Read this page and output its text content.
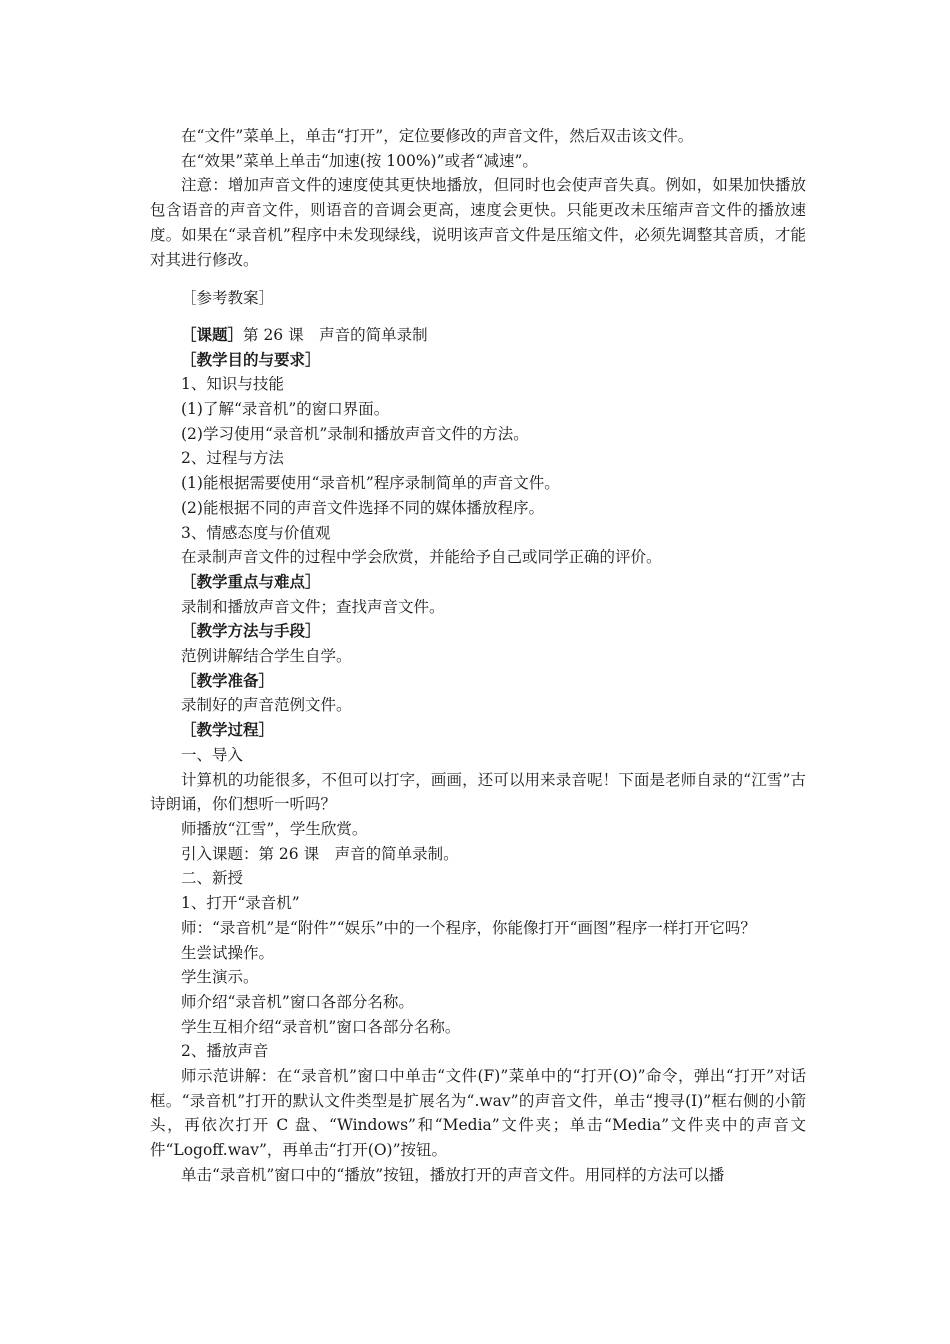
在“文件”菜单上，单击“打开”，定位要修改的声音文件，然后双击该文件。

在“效果”菜单上单击“加速(按 100%)”或者“减速”。

注意：增加声音文件的速度使其更快地播放，但同时也会使声音失真。例如，如果加快播放包含语音的声音文件，则语音的音调会更高，速度会更快。只能更改未压缩声音文件的播放速度。如果在“录音机”程序中未发现绿线，说明该声音文件是压缩文件，必须先调整其音质，才能对其进行修改。

［参考教案］

［课题］第 26 课　声音的简单录制

［教学目的与要求］

1、知识与技能

(1)了解“录音机”的窗口界面。

(2)学习使用“录音机”录制和播放声音文件的方法。

2、过程与方法

(1)能根据需要使用“录音机”程序录制简单的声音文件。

(2)能根据不同的声音文件选择不同的媒体播放程序。

3、情感态度与价值观

在录制声音文件的过程中学会欣赏，并能给予自己或同学正确的评价。

［教学重点与难点］

录制和播放声音文件；查找声音文件。

［教学方法与手段］

范例讲解结合学生自学。

［教学准备］

录制好的声音范例文件。

［教学过程］

一、导入

计算机的功能很多，不但可以打字，画画，还可以用来录音呢！下面是老师自录的“江雪”古诗朗诵，你们想听一听吗？

师播放“江雪”，学生欣赏。

引入课题：第 26 课　声音的简单录制。

二、新授

1、打开“录音机”

师：“录音机”是“附件”“娱乐”中的一个程序，你能像打开“画图”程序一样打开它吗？

生尝试操作。

学生演示。

师介绍“录音机”窗口各部分名称。

学生互相介绍“录音机”窗口各部分名称。

2、播放声音

师示范讲解：在“录音机”窗口中单击“文件(F)”菜单中的“打开(O)”命令，弹出“打开”对话框。“录音机”打开的默认文件类型是扩展名为“.wav”的声音文件，单击“搜寻(I)”框右侧的小箭头，再依次打开 C 盘、“Windows”和“Media”文件夹；单击“Media”文件夹中的声音文件“Logoff.wav”，再单击“打开(O)”按钮。

单击“录音机”窗口中的“播放”按钮，播放打开的声音文件。用同样的方法可以播
